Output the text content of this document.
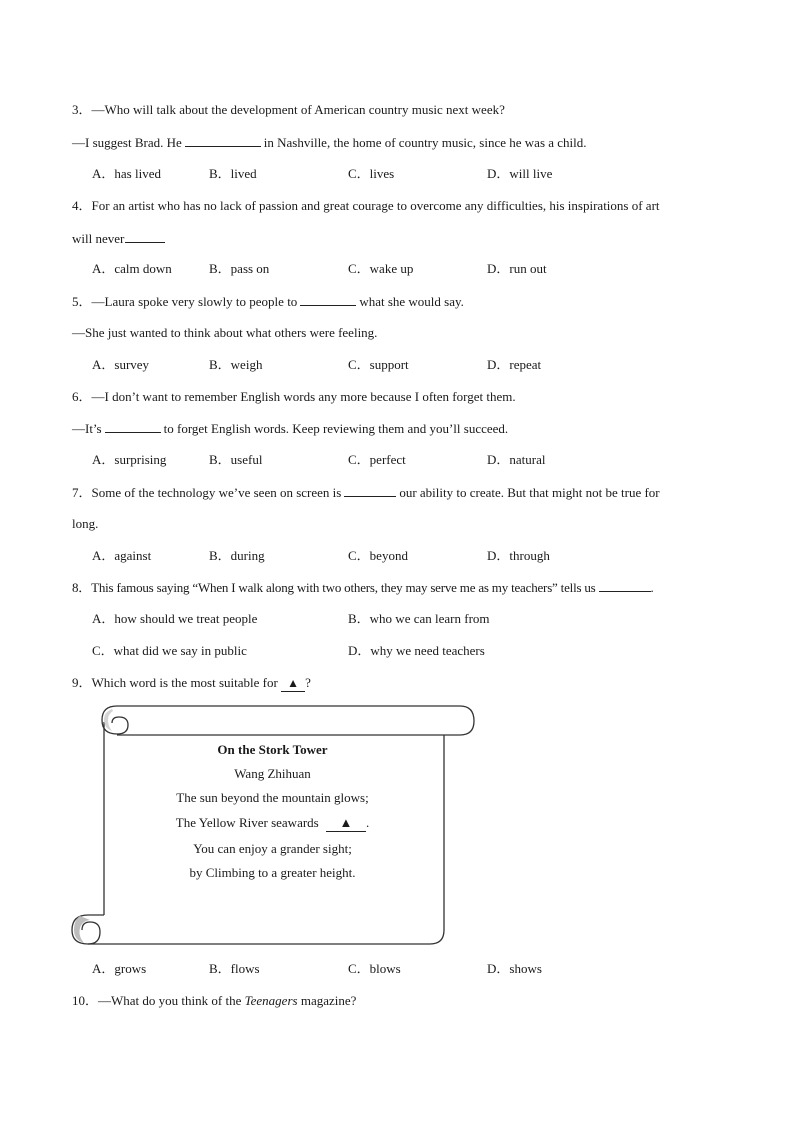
3．—Who will talk about the development of American country music next week?
—I suggest Brad. He	in Nashville, the home of country music, since he was a child.
A．has lived	B．lived	C．lives	D．will live
4．For an artist who has no lack of passion and great courage to overcome any difficulties, his inspirations of art
will never
A．calm down	B．pass on	C．wake up	D．run out
5．—Laura spoke very slowly to people to	what she would say.
—She just wanted to think about what others were feeling.
A．survey	B．weigh	C．support	D．repeat
6．—I don’t want to remember English words any more because I often forget them.
—It’s	to forget English words. Keep reviewing them and you’ll succeed.
A．surprising	B．useful	C．perfect	D．natural
7．Some of the technology we’ve seen on screen is	our ability to create. But that might not be true for
long.
A．against	B．during	C．beyond	D．through
8．This famous saying “When I walk along with two others, they may serve me as my teachers” tells us	.
A．how should we treat people	B．who we can learn from
C．what did we say in public	D．why we need teachers
9．Which word is the most suitable for ▲ ?
On the Stork Tower
Wang Zhihuan
The sun beyond the mountain glows;
The Yellow River seawards ▲ .
You can enjoy a grander sight;
by Climbing to a greater height.
A．grows	B．flows	C．blows	D．shows
10．—What do you think of the Teenagers magazine?
